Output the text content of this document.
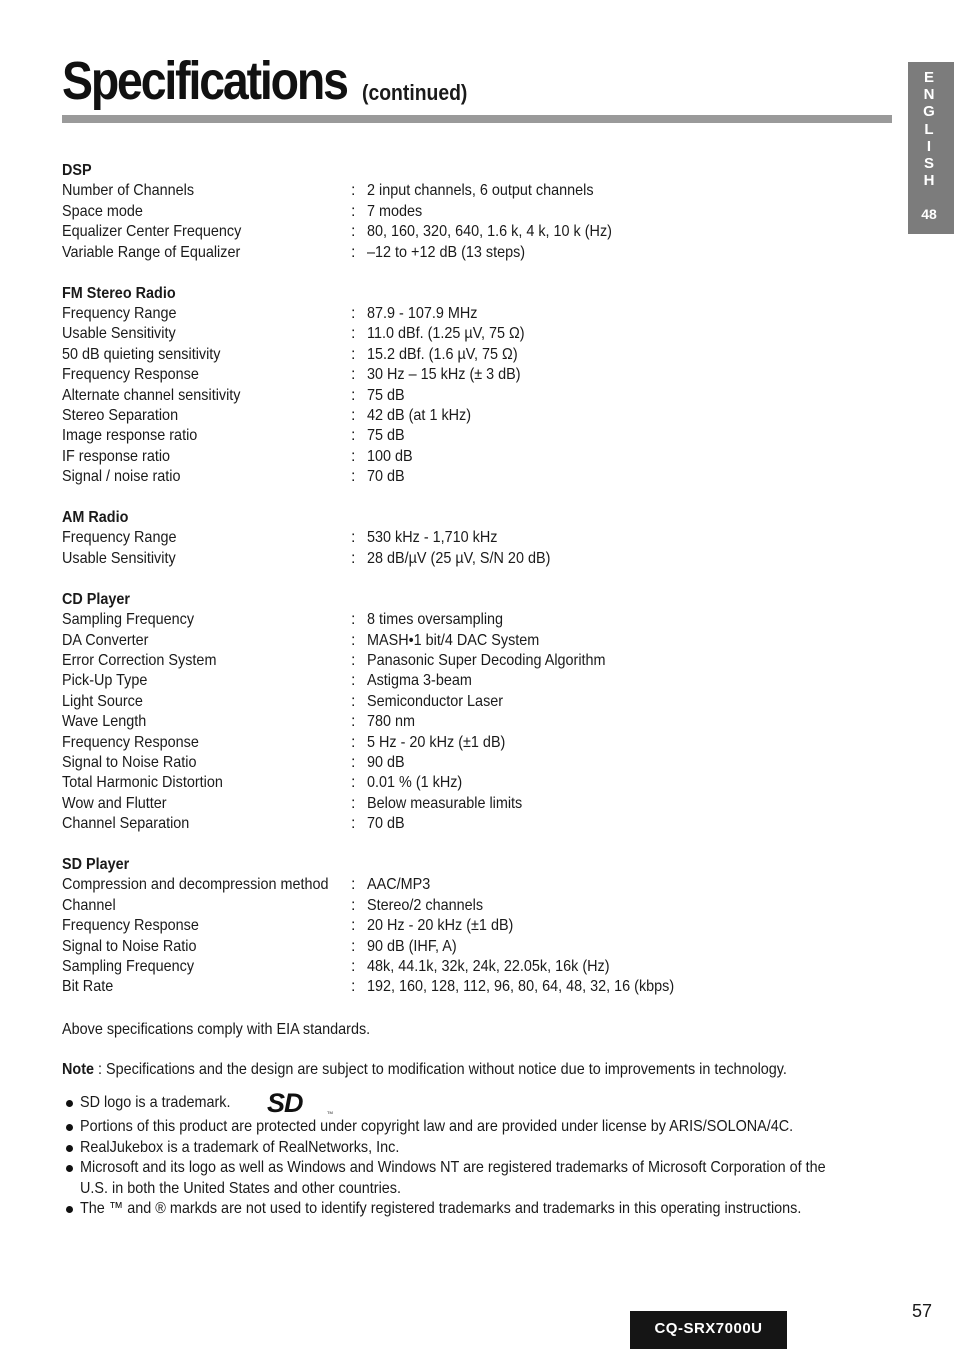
Specifications (continued)
E
N
G
L
I
S
H
48
DSP
Number of Channels	: 2 input channels, 6 output channels
Space mode	: 7 modes
Equalizer Center Frequency	: 80, 160, 320, 640, 1.6 k, 4 k, 10 k (Hz)
Variable Range of Equalizer	: –12 to +12 dB (13 steps)
FM Stereo Radio
Frequency Range	: 87.9 - 107.9 MHz
Usable Sensitivity	: 11.0 dBf. (1.25 µV, 75 Ω)
50 dB quieting sensitivity	: 15.2 dBf. (1.6 µV, 75 Ω)
Frequency Response	: 30 Hz – 15 kHz (± 3 dB)
Alternate channel sensitivity	: 75 dB
Stereo Separation	: 42 dB (at 1 kHz)
Image response ratio	: 75 dB
IF response ratio	: 100 dB
Signal / noise ratio	: 70 dB
AM Radio
Frequency Range	: 530 kHz - 1,710 kHz
Usable Sensitivity	: 28 dB/µV (25 µV, S/N 20 dB)
CD Player
Sampling Frequency	: 8 times oversampling
DA Converter	: MASH•1 bit/4 DAC System
Error Correction System	: Panasonic Super Decoding Algorithm
Pick-Up Type	: Astigma 3-beam
Light Source	: Semiconductor Laser
Wave Length	: 780 nm
Frequency Response	: 5 Hz - 20 kHz (±1 dB)
Signal to Noise Ratio	: 90 dB
Total Harmonic Distortion	: 0.01 % (1 kHz)
Wow and Flutter	: Below measurable limits
Channel Separation	: 70 dB
SD Player
Compression and decompression method : AAC/MP3
Channel	: Stereo/2 channels
Frequency Response	: 20 Hz - 20 kHz (±1 dB)
Signal to Noise Ratio	: 90 dB (IHF, A)
Sampling Frequency	: 48k, 44.1k, 32k, 24k, 22.05k, 16k (Hz)
Bit Rate	: 192, 160, 128, 112, 96, 80, 64, 48, 32, 16 (kbps)
Above specifications comply with EIA standards.
Note : Specifications and the design are subject to modification without notice due to improvements in technology.
SD logo is a trademark.
Portions of this product are protected under copyright law and are provided under license by ARIS/SOLONA/4C.
RealJukebox is a trademark of RealNetworks, Inc.
Microsoft and its logo as well as Windows and Windows NT are registered trademarks of Microsoft Corporation of the
U.S. in both the United States and other countries.
The ™ and ® markds are not used to identify registered trademarks and trademarks in this operating instructions.
SD	TM
57
CQ-SRX7000U
